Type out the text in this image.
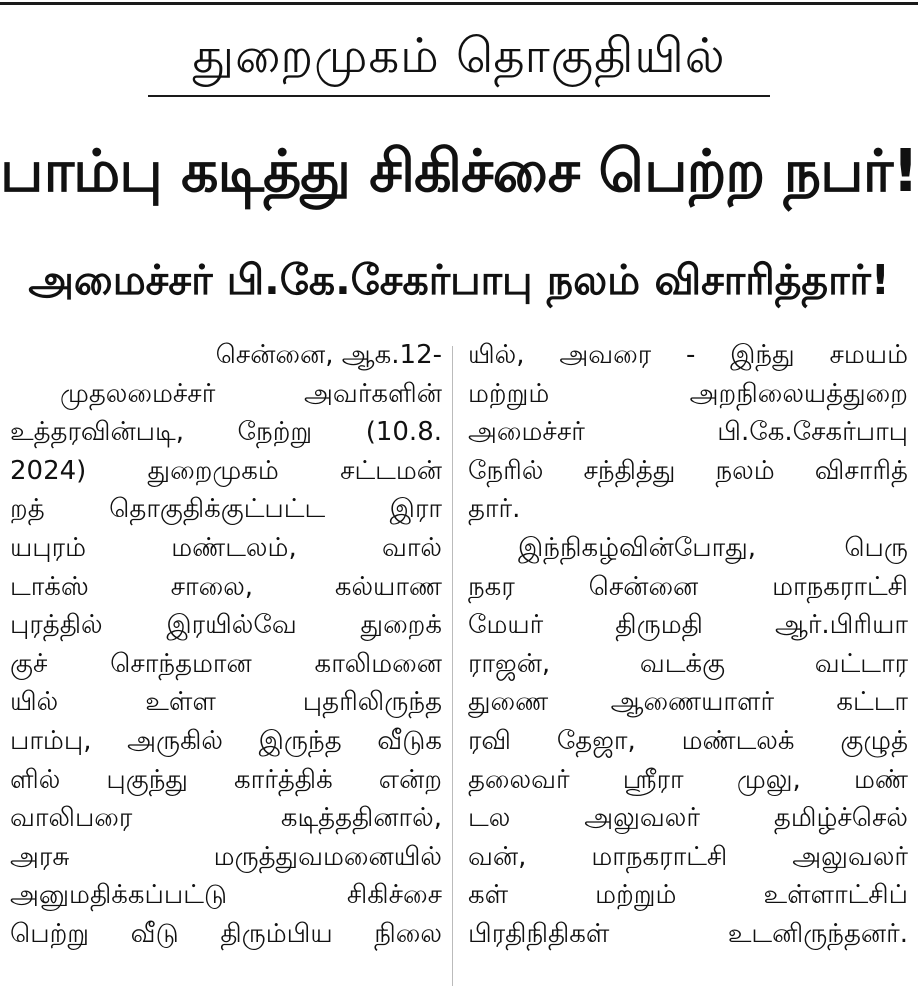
துறைமுகம் தொகுதியில்
பாம்பு கடித்து சிகிச்சை பெற்ற நபர்!
அமைச்சர் பி.கே.சேகர்பாபு நலம் விசாரித்தார்!
சென்னை, ஆக.12-
முதலமைச்சர் அவர்களின்
உத்தரவின்படி, நேற்று (10.8.
2024) துறைமுகம் சட்டமன்
றத் தொகுதிக்குட்பட்ட இரா
யபுரம் மண்டலம், வால்
டாக்ஸ் சாலை, கல்யாண
புரத்தில் இரயில்வே துறைக்
குச் சொந்தமான காலிமனை
யில் உள்ள புதரிலிருந்த
பாம்பு, அருகில் இருந்த வீடுக
ளில் புகுந்து கார்த்திக் என்ற
வாலிபரை கடித்ததினால்,
அரசு மருத்துவமனையில்
அனுமதிக்கப்பட்டு சிகிச்சை
பெற்று வீடு திரும்பிய நிலை
யில், அவரை - இந்து சமயம்
மற்றும் அறநிலையத்துறை
அமைச்சர் பி.கே.சேகர்பாபு
நேரில் சந்தித்து நலம் விசாரித்
தார்.
இந்நிகழ்வின்போது, பெரு
நகர சென்னை மாநகராட்சி
மேயர் திருமதி ஆர்.பிரியா
ராஜன், வடக்கு வட்டார
துணை ஆணையாளர் கட்டா
ரவி தேஜா, மண்டலக் குழுத்
தலைவர் ஸ்ரீரா முலு, மண்
டல அலுவலர் தமிழ்ச்செல்
வன், மாநகராட்சி அலுவலர்
கள் மற்றும் உள்ளாட்சிப்
பிரதிநிதிகள் உடனிருந்தனர்.
